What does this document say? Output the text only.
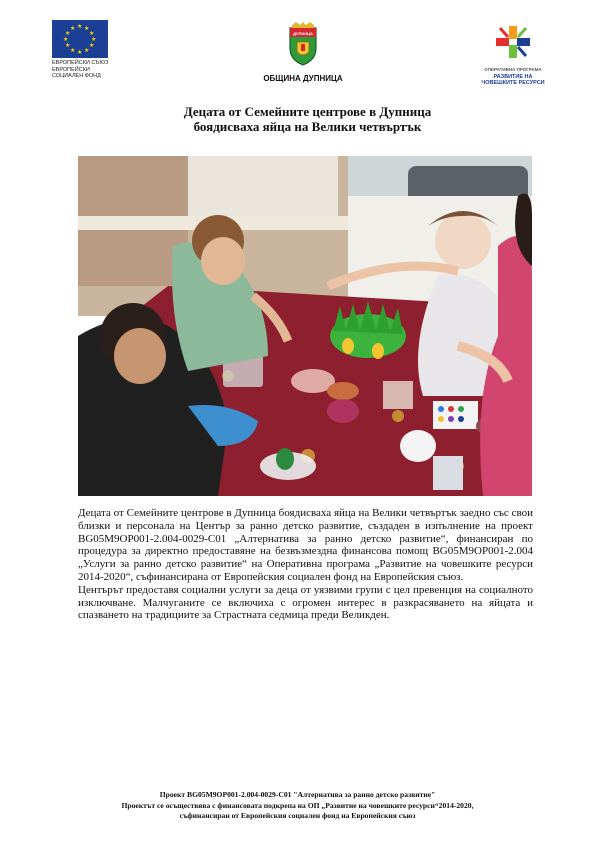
★ ★
★
★
★
★
★
★
★
★
★
★
ЕВРОПЕЙСКИ СЪЮЗ
ЕВРОПЕЙСКИ
СОЦИАЛЕН ФОНД
ДУПНИЦА
ОБЩИНА ДУПНИЦА
ОПЕРАТИВНА ПРОГРАМА
РАЗВИТИЕ НА
ЧОВЕШКИТЕ РЕСУРСИ
Децата от Семейните центрове в Дупница
боядисваха яйца на Велики четвъртък

Децата от Семейните центрове в Дупница боядисваха яйца на Велики четвъртък заедно със свои близки и персонала на Център за ранно детско развитие, създаден в изпълнение на проект BG05M9OP001-2.004-0029-C01 „Алтернатива за ранно детско развитие“, финансиран по процедура за директно предоставяне на безвъзмездна финансова помощ BG05M9OP001-2.004 „Услуги за ранно детско развитие“ на Оперативна програма „Развитие на човешките ресурси 2014-2020“, съфинансирана от Европейския социален фонд на Европейския съюз.

Центърът предоставя социални услуги за деца от уязвими групи с цел превенция на социалното изключване. Малчуганите се включиха с огромен интерес в разкрасяването на яйцата и спазването на традициите за Страстната седмица преди Великден.

Проект BG05M9OP001-2.004-0029-C01 "Алтернатива за ранно детско развитие"
Проектът се осъществява с финансовата подкрепа на ОП „Развитие на човешките ресурси“2014-2020,
съфинансиран от Европейския социален фонд на Европейския съюз
